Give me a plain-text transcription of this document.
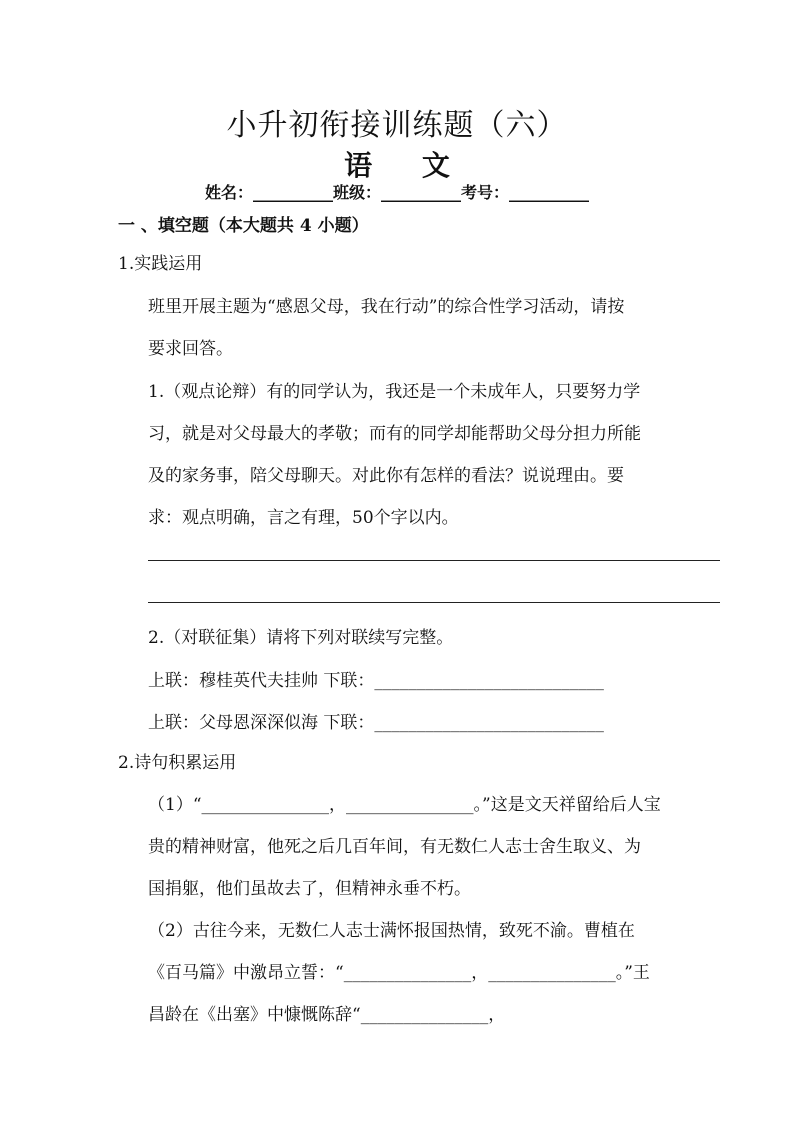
小升初衔接训练题（六）
语 文
姓名：__________班级：__________考号：__________
一 、填空题（本大题共 4 小题）
1.实践运用
班里开展主题为“感恩父母，我在行动”的综合性学习活动，请按
要求回答。
1.（观点论辩）有的同学认为，我还是一个未成年人，只要努力学
习，就是对父母最大的孝敬；而有的同学却能帮助父母分担力所能
及的家务事，陪父母聊天。对此你有怎样的看法？说说理由。要
求：观点明确，言之有理，50个字以内。
2.（对联征集）请将下列对联续写完整。
上联：穆桂英代夫挂帅 下联：___________________________
上联：父母恩深深似海 下联：___________________________
2.诗句积累运用
（1）“_______________，_______________。”这是文天祥留给后人宝
贵的精神财富，他死之后几百年间，有无数仁人志士舍生取义、为
国捐躯，他们虽故去了，但精神永垂不朽。
（2）古往今来，无数仁人志士满怀报国热情，致死不渝。曹植在
《百马篇》中激昂立誓：“_______________，_______________。”王
昌龄在《出塞》中慷慨陈辞“_______________，
